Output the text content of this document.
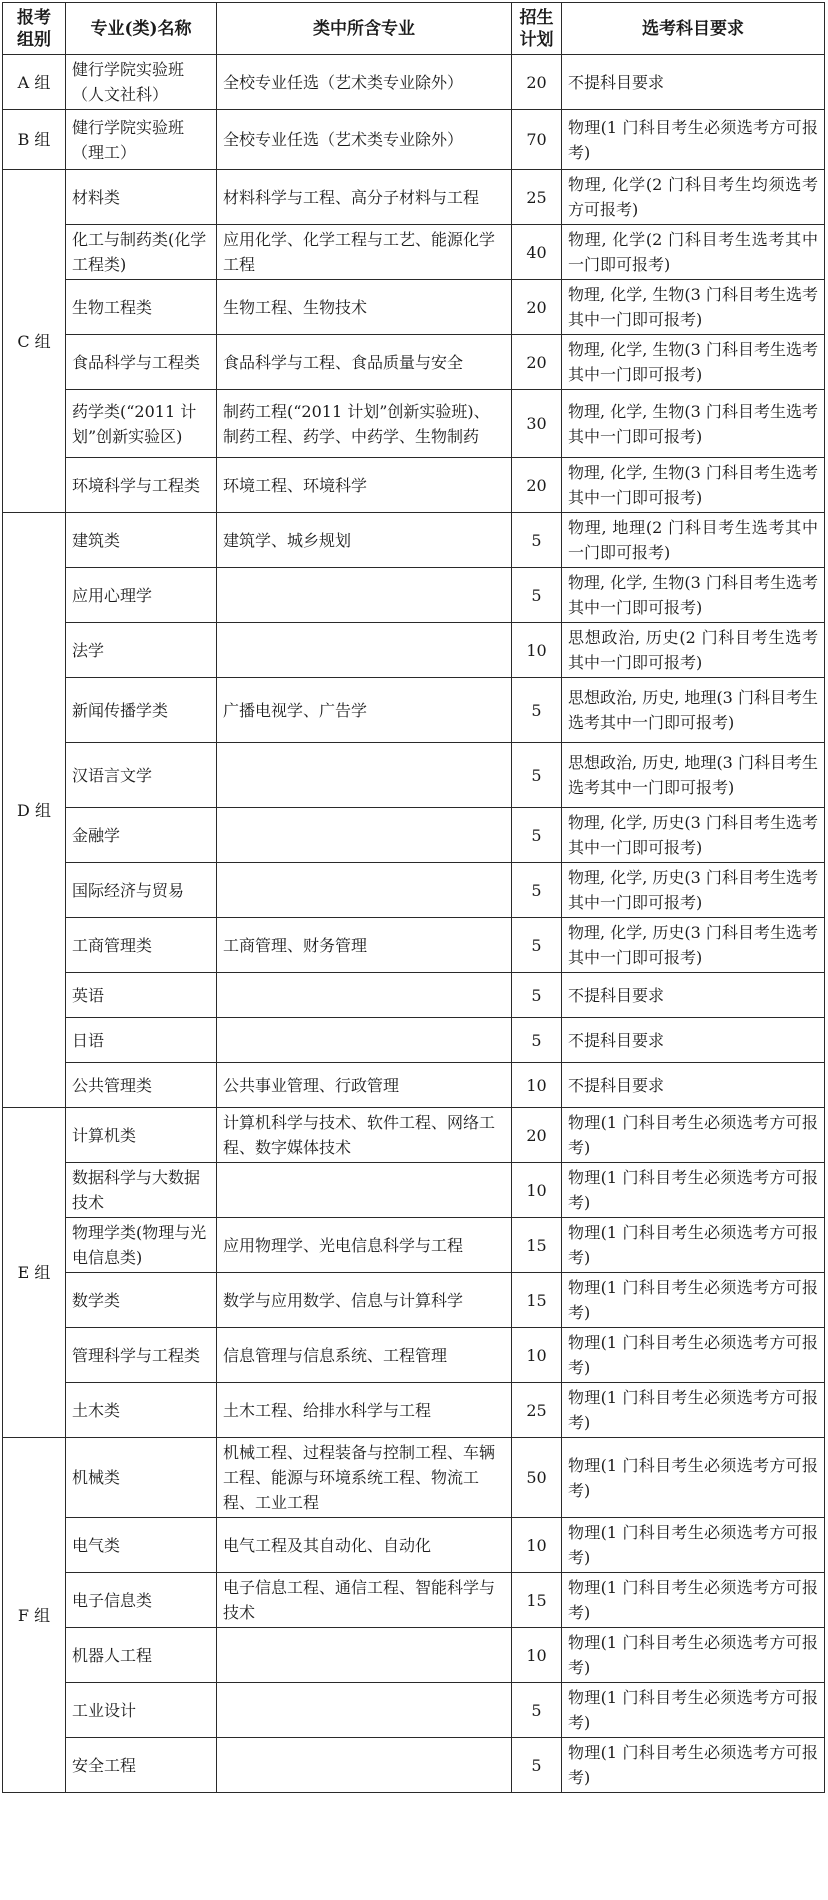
报考组别	专业(类)名称	类中所含专业	招生计划	选考科目要求
A 组	健行学院实验班（人文社科）	全校专业任选（艺术类专业除外）	20	不提科目要求
B 组	健行学院实验班（理工）	全校专业任选（艺术类专业除外）	70	物理(1 门科目考生必须选考方可报考)
C 组	材料类	材料科学与工程、高分子材料与工程	25	物理, 化学(2 门科目考生均须选考方可报考)
	化工与制药类(化学工程类)	应用化学、化学工程与工艺、能源化学工程	40	物理, 化学(2 门科目考生选考其中一门即可报考)
	生物工程类	生物工程、生物技术	20	物理, 化学, 生物(3 门科目考生选考其中一门即可报考)
	食品科学与工程类	食品科学与工程、食品质量与安全	20	物理, 化学, 生物(3 门科目考生选考其中一门即可报考)
	药学类(“2011 计划”创新实验区)	制药工程(“2011 计划”创新实验班)、制药工程、药学、中药学、生物制药	30	物理, 化学, 生物(3 门科目考生选考其中一门即可报考)
	环境科学与工程类	环境工程、环境科学	20	物理, 化学, 生物(3 门科目考生选考其中一门即可报考)
D 组	建筑类	建筑学、城乡规划	5	物理, 地理(2 门科目考生选考其中一门即可报考)
	应用心理学		5	物理, 化学, 生物(3 门科目考生选考其中一门即可报考)
	法学		10	思想政治, 历史(2 门科目考生选考其中一门即可报考)
	新闻传播学类	广播电视学、广告学	5	思想政治, 历史, 地理(3 门科目考生选考其中一门即可报考)
	汉语言文学		5	思想政治, 历史, 地理(3 门科目考生选考其中一门即可报考)
	金融学		5	物理, 化学, 历史(3 门科目考生选考其中一门即可报考)
	国际经济与贸易		5	物理, 化学, 历史(3 门科目考生选考其中一门即可报考)
	工商管理类	工商管理、财务管理	5	物理, 化学, 历史(3 门科目考生选考其中一门即可报考)
	英语		5	不提科目要求
	日语		5	不提科目要求
	公共管理类	公共事业管理、行政管理	10	不提科目要求
E 组	计算机类	计算机科学与技术、软件工程、网络工程、数字媒体技术	20	物理(1 门科目考生必须选考方可报考)
	数据科学与大数据技术		10	物理(1 门科目考生必须选考方可报考)
	物理学类(物理与光电信息类)	应用物理学、光电信息科学与工程	15	物理(1 门科目考生必须选考方可报考)
	数学类	数学与应用数学、信息与计算科学	15	物理(1 门科目考生必须选考方可报考)
	管理科学与工程类	信息管理与信息系统、工程管理	10	物理(1 门科目考生必须选考方可报考)
	土木类	土木工程、给排水科学与工程	25	物理(1 门科目考生必须选考方可报考)
F 组	机械类	机械工程、过程装备与控制工程、车辆工程、能源与环境系统工程、物流工程、工业工程	50	物理(1 门科目考生必须选考方可报考)
	电气类	电气工程及其自动化、自动化	10	物理(1 门科目考生必须选考方可报考)
	电子信息类	电子信息工程、通信工程、智能科学与技术	15	物理(1 门科目考生必须选考方可报考)
	机器人工程		10	物理(1 门科目考生必须选考方可报考)
	工业设计		5	物理(1 门科目考生必须选考方可报考)
	安全工程		5	物理(1 门科目考生必须选考方可报考)
